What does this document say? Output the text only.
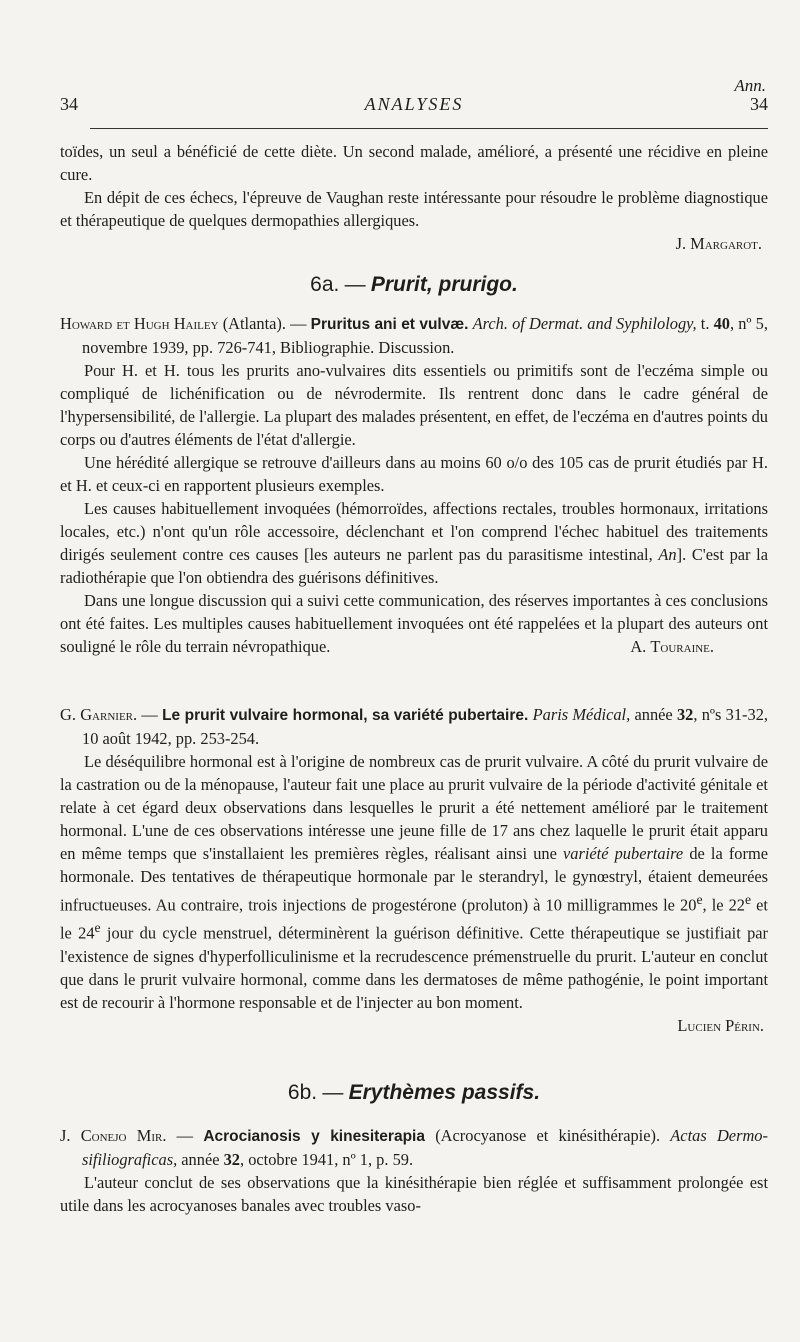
Ann.
34	ANALYSES	34

toïdes, un seul a bénéficié de cette diète. Un second malade, amélioré, a présenté une récidive en pleine cure.

En dépit de ces échecs, l'épreuve de Vaughan reste intéressante pour résoudre le problème diagnostique et thérapeutique de quelques dermopathies allergiques.

J. Margarot.
6a. — Prurit, prurigo.
Howard et Hugh Hailey (Atlanta). — Pruritus ani et vulvæ. Arch. of Dermat. and Syphilology, t. 40, nº 5, novembre 1939, pp. 726-741, Bibliographie. Discussion.

Pour H. et H. tous les prurits ano-vulvaires dits essentiels ou primitifs sont de l'eczéma simple ou compliqué de lichénification ou de névrodermite. Ils rentrent donc dans le cadre général de l'hypersensibilité, de l'allergie. La plupart des malades présentent, en effet, de l'eczéma en d'autres points du corps ou d'autres éléments de l'état d'allergie.

Une hérédité allergique se retrouve d'ailleurs dans au moins 60 o/o des 105 cas de prurit étudiés par H. et H. et ceux-ci en rapportent plusieurs exemples.

Les causes habituellement invoquées (hémorroïdes, affections rectales, troubles hormonaux, irritations locales, etc.) n'ont qu'un rôle accessoire, déclenchant et l'on comprend l'échec habituel des traitements dirigés seulement contre ces causes [les auteurs ne parlent pas du parasitisme intestinal, An]. C'est par la radiothérapie que l'on obtiendra des guérisons définitives.

Dans une longue discussion qui a suivi cette communication, des réserves importantes à ces conclusions ont été faites. Les multiples causes habituellement invoquées ont été rappelées et la plupart des auteurs ont souligné le rôle du terrain névropathique.	A. Touraine.
G. Garnier. — Le prurit vulvaire hormonal, sa variété pubertaire. Paris Médical, année 32, nºs 31-32, 10 août 1942, pp. 253-254.

Le déséquilibre hormonal est à l'origine de nombreux cas de prurit vulvaire. A côté du prurit vulvaire de la castration ou de la ménopause, l'auteur fait une place au prurit vulvaire de la période d'activité génitale et relate à cet égard deux observations dans lesquelles le prurit a été nettement amélioré par le traitement hormonal. L'une de ces observations intéresse une jeune fille de 17 ans chez laquelle le prurit était apparu en même temps que s'installaient les premières règles, réalisant ainsi une variété pubertaire de la forme hormonale. Des tentatives de thérapeutique hormonale par le sterandryl, le gynœstryl, étaient demeurées infructueuses. Au contraire, trois injections de progestérone (proluton) à 10 milligrammes le 20e, le 22e et le 24e jour du cycle menstruel, déterminèrent la guérison définitive. Cette thérapeutique se justifiait par l'existence de signes d'hyperfolliculinisme et la recrudescence prémenstruelle du prurit. L'auteur en conclut que dans le prurit vulvaire hormonal, comme dans les dermatoses de même pathogénie, le point important est de recourir à l'hormone responsable et de l'injecter au bon moment.

Lucien Périn.
6b. — Erythèmes passifs.
J. Conejo Mir. — Acrocianosis y kinesiterapia (Acrocyanose et kinésithérapie). Actas Dermo-sifiliograficas, année 32, octobre 1941, nº 1, p. 59.

L'auteur conclut de ses observations que la kinésithérapie bien réglée et suffisamment prolongée est utile dans les acrocyanoses banales avec troubles vaso-
